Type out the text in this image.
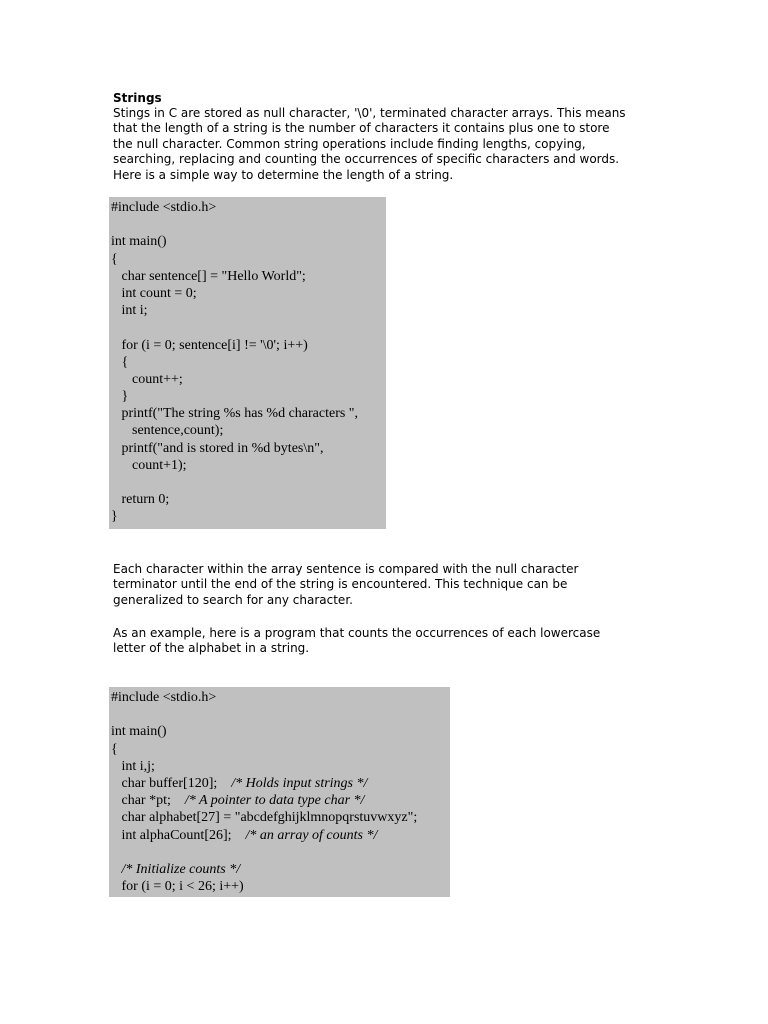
Strings
Stings in C are stored as null character, '\0', terminated character arrays. This means
that the length of a string is the number of characters it contains plus one to store
the null character. Common string operations include finding lengths, copying,
searching, replacing and counting the occurrences of specific characters and words.
Here is a simple way to determine the length of a string.
#include <stdio.h>
int main()
{
char sentence[] = "Hello World";
int count = 0;
int i;
for (i = 0; sentence[i] != '\0'; i++)
{
count++;
}
printf("The string %s has %d characters ",
sentence,count);
printf("and is stored in %d bytes\n",
count+1);
return 0;
}
Each character within the array sentence is compared with the null character
terminator until the end of the string is encountered. This technique can be
generalized to search for any character.
As an example, here is a program that counts the occurrences of each lowercase
letter of the alphabet in a string.
#include <stdio.h>
int main()
{
int i,j;
char buffer[120];    /* Holds input strings */
char *pt;    /* A pointer to data type char */
char alphabet[27] = "abcdefghijklmnopqrstuvwxyz";
int alphaCount[26];    /* an array of counts */
/* Initialize counts */
for (i = 0; i < 26; i++)
